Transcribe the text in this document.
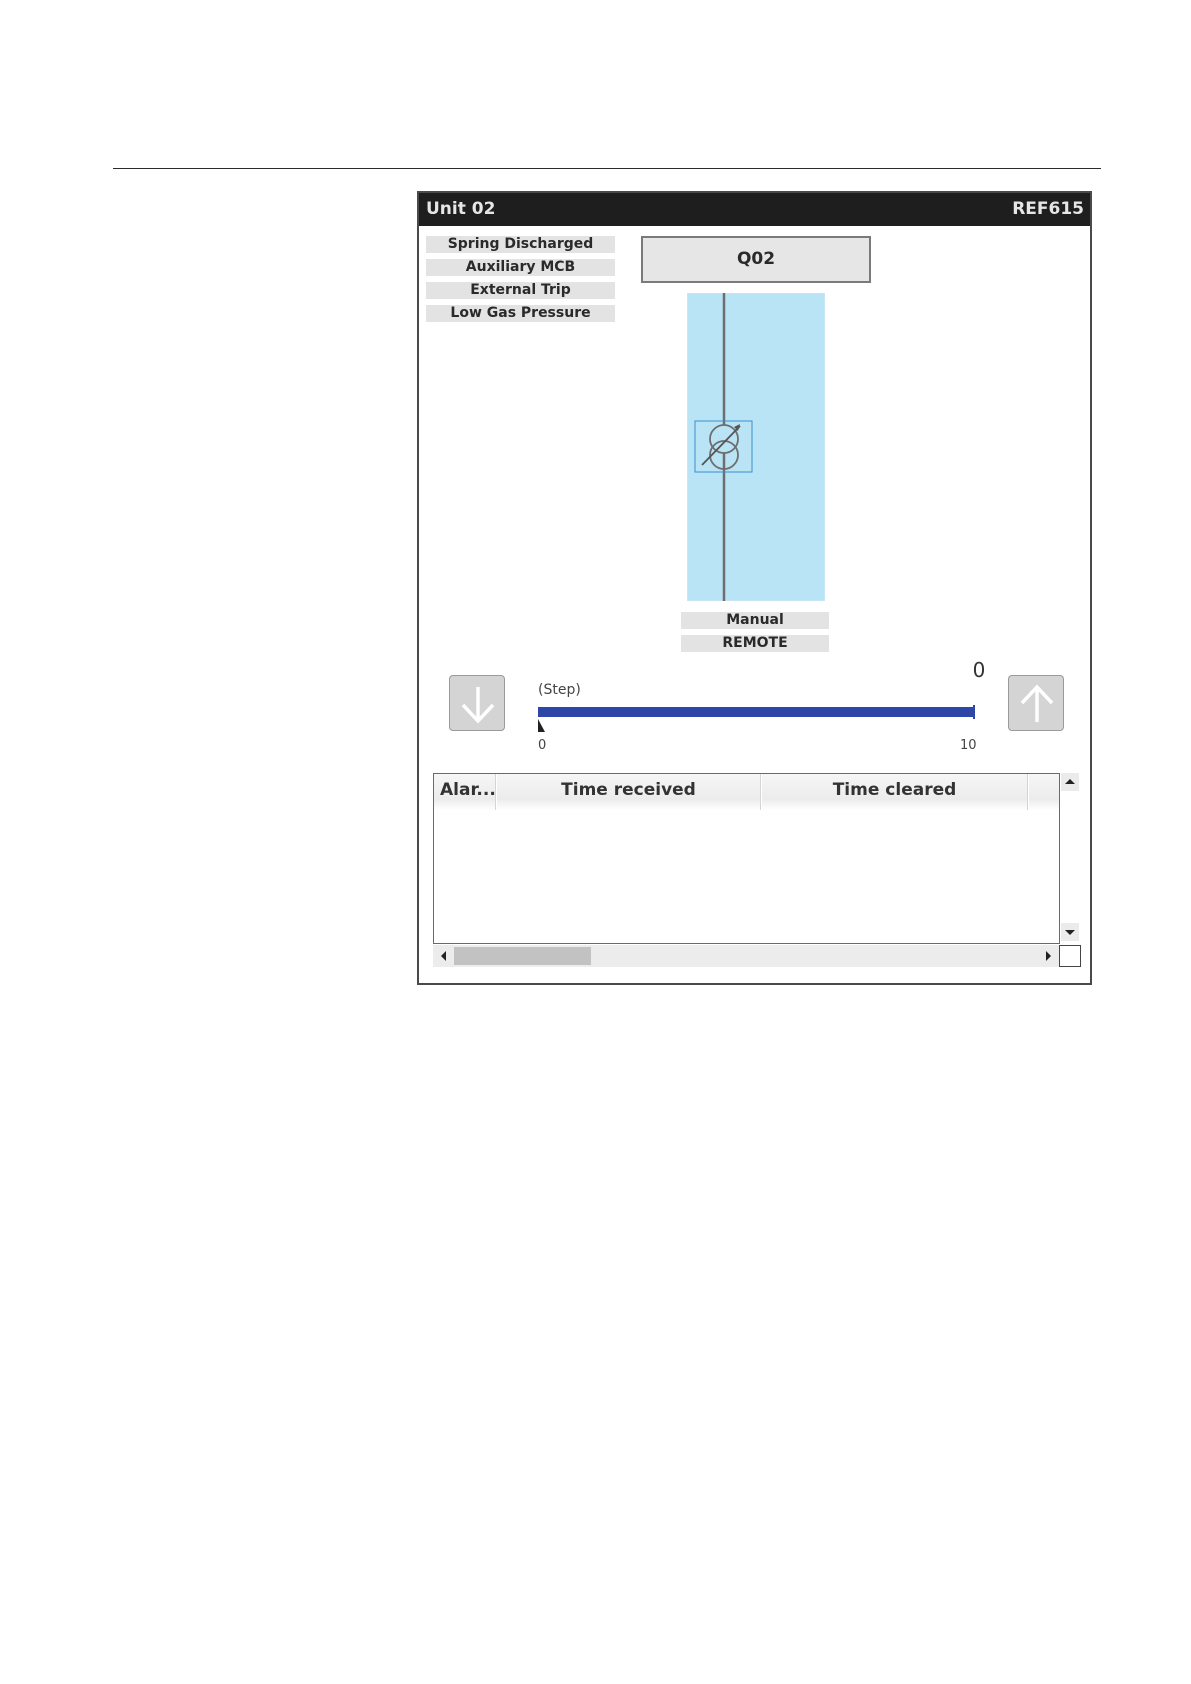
Unit 02	REF615
Spring Discharged
Auxiliary MCB
External Trip
Low Gas Pressure
Q02
Manual
REMOTE
0
(Step)
0	10
Alar...	Time received	Time cleared
